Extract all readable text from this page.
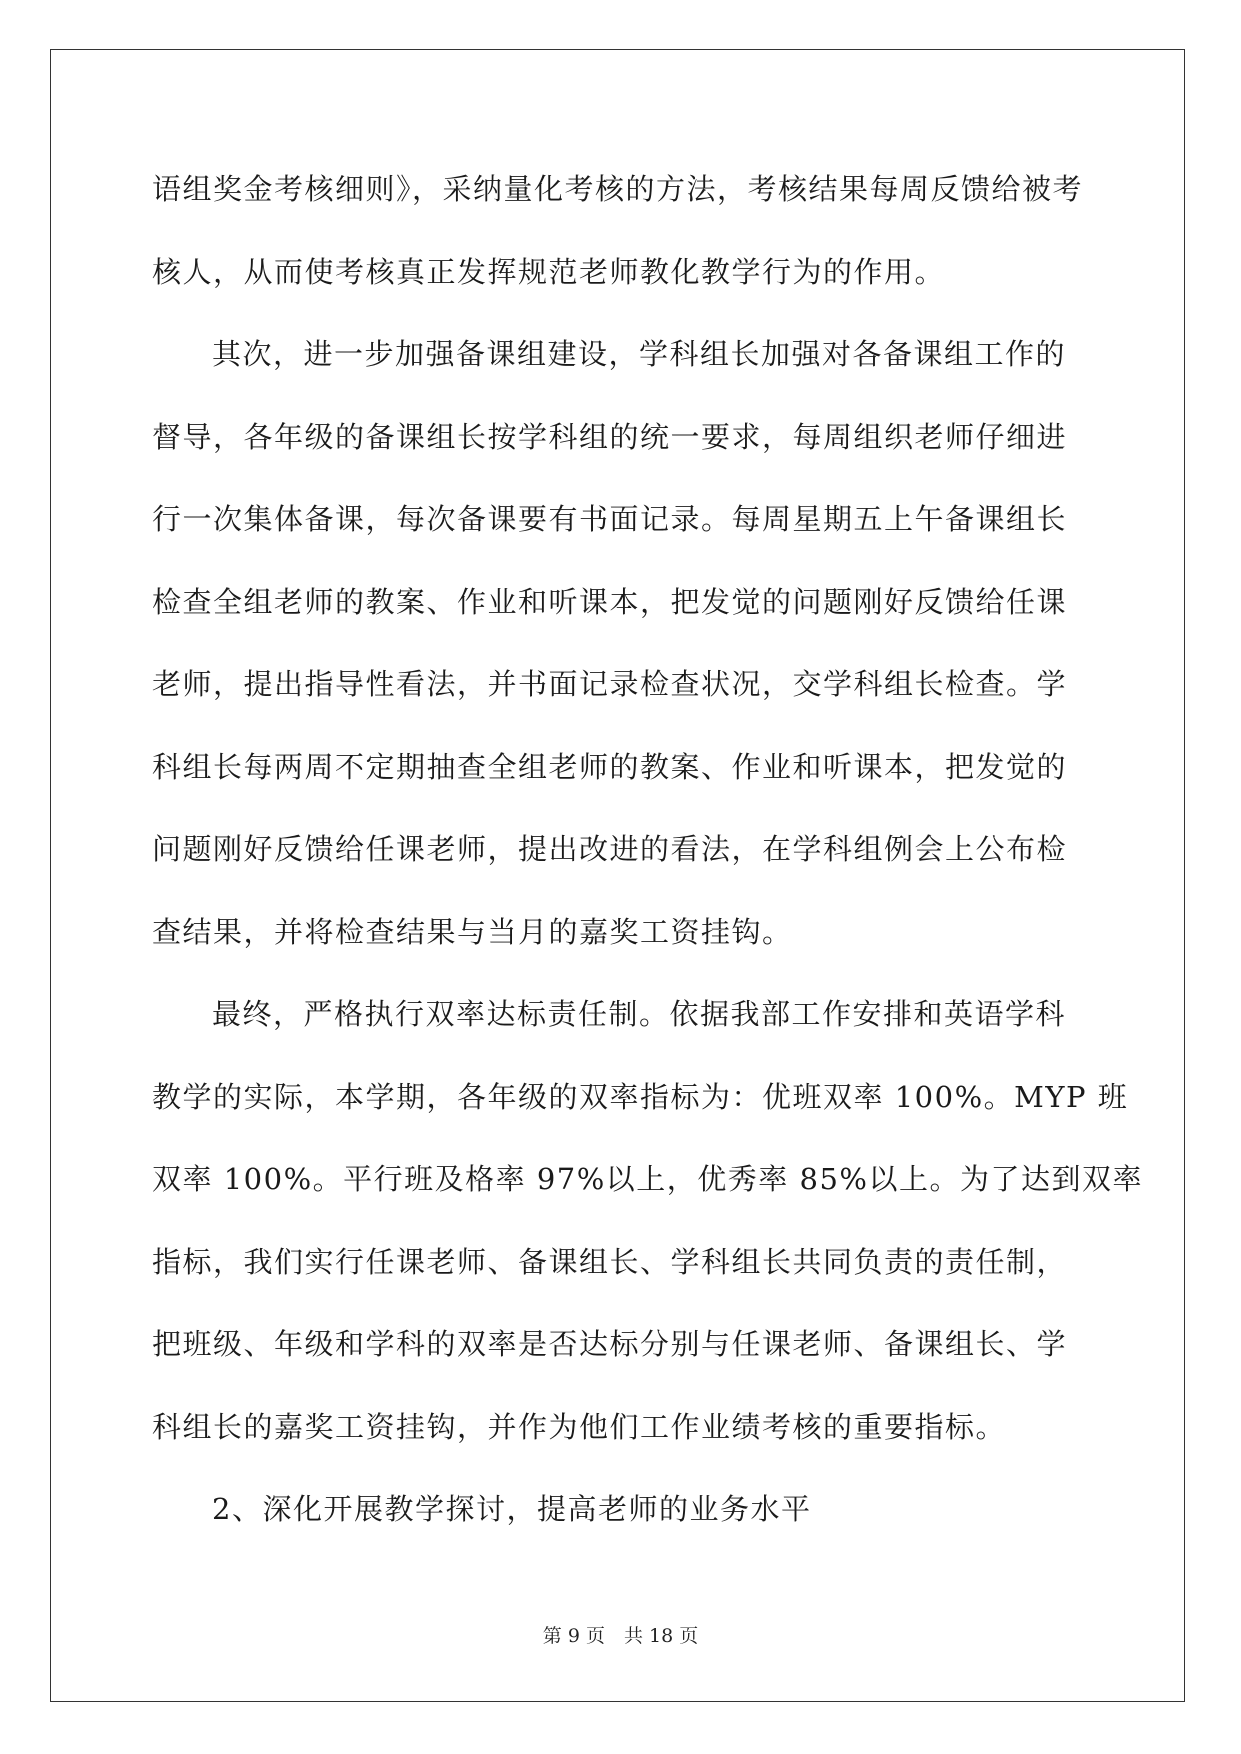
语组奖金考核细则》，采纳量化考核的方法，考核结果每周反馈给被考
核人，从而使考核真正发挥规范老师教化教学行为的作用。
其次，进一步加强备课组建设，学科组长加强对各备课组工作的
督导，各年级的备课组长按学科组的统一要求，每周组织老师仔细进
行一次集体备课，每次备课要有书面记录。每周星期五上午备课组长
检查全组老师的教案、作业和听课本，把发觉的问题刚好反馈给任课
老师，提出指导性看法，并书面记录检查状况，交学科组长检查。学
科组长每两周不定期抽查全组老师的教案、作业和听课本，把发觉的
问题刚好反馈给任课老师，提出改进的看法，在学科组例会上公布检
查结果，并将检查结果与当月的嘉奖工资挂钩。
最终，严格执行双率达标责任制。依据我部工作安排和英语学科
教学的实际，本学期，各年级的双率指标为：优班双率 100%。MYP 班
双率 100%。平行班及格率 97%以上，优秀率 85%以上。为了达到双率
指标，我们实行任课老师、备课组长、学科组长共同负责的责任制，
把班级、年级和学科的双率是否达标分别与任课老师、备课组长、学
科组长的嘉奖工资挂钩，并作为他们工作业绩考核的重要指标。
2、深化开展教学探讨，提高老师的业务水平
第 9 页　共 18 页
